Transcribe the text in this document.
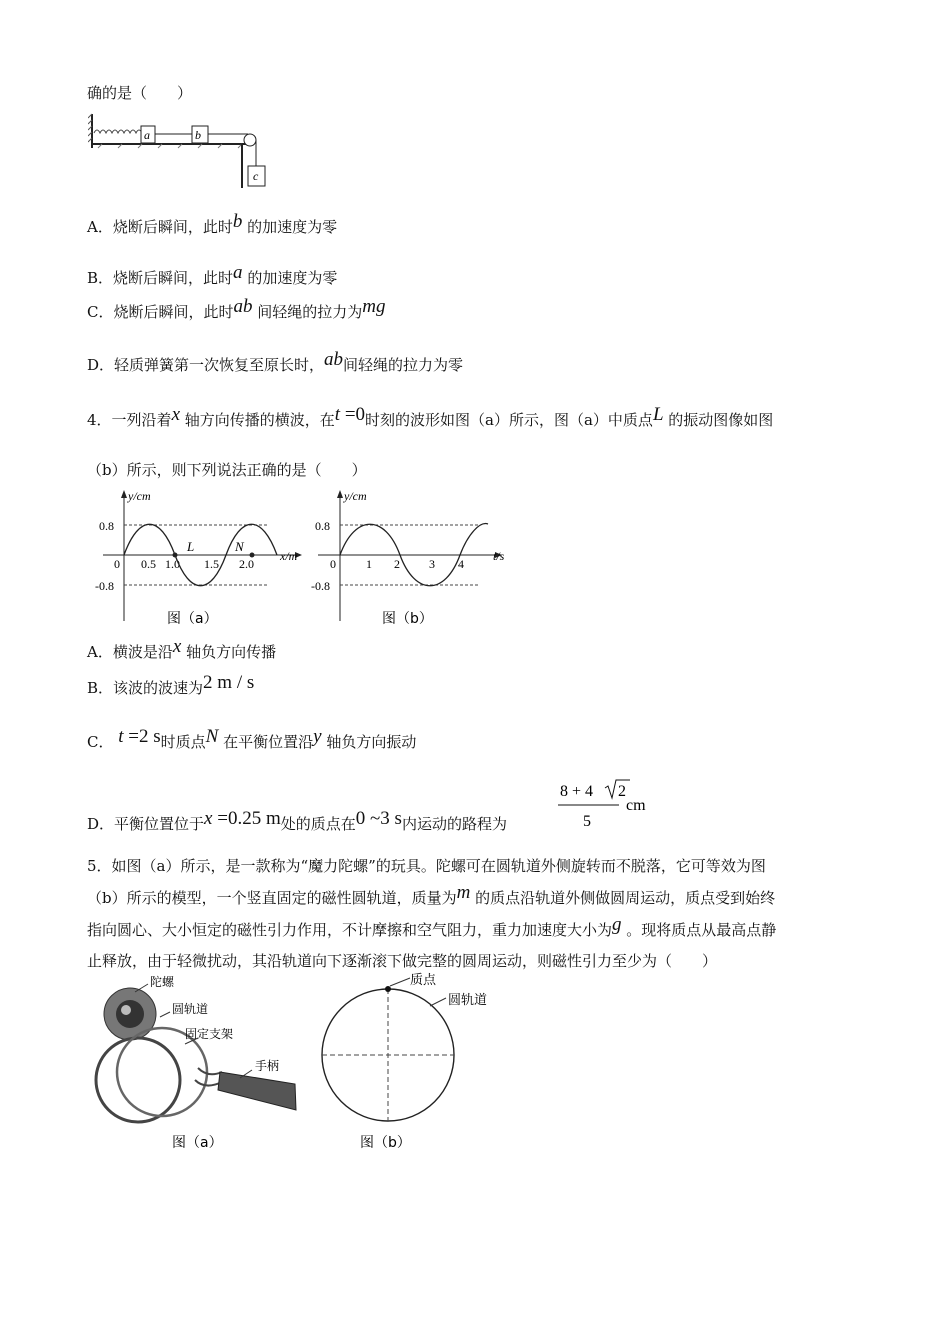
确的是（　　）
a	b
c
A．烧断后瞬间，此时b 的加速度为零
B．烧断后瞬间，此时a 的加速度为零
C．烧断后瞬间，此时ab 间轻绳的拉力为mg
D．轻质弹簧第一次恢复至原长时，ab间轻绳的拉力为零
4．一列沿着x 轴方向传播的横波，在t =0时刻的波形如图（a）所示，图（a）中质点L 的振动图像如图
（b）所示，则下列说法正确的是（　　）
y/cm
x/m
0.8
-0.8
0 0.5 1.0 1.5 2.0
L	N
图（a）
y/cm
t/s
0.8
-0.8
0	1 2 3 4
图（b）
A．横波是沿x 轴负方向传播
B．该波的波速为2 m / s
C． t =2 s时质点N 在平衡位置沿y 轴负方向振动
D．平衡位置位于x =0.25 m处的质点在0 ~3 s内运动的路程为
8 + 4 2
5
cm
5．如图（a）所示，是一款称为“魔力陀螺”的玩具。陀螺可在圆轨道外侧旋转而不脱落，它可等效为图
（b）所示的模型，一个竖直固定的磁性圆轨道，质量为m 的质点沿轨道外侧做圆周运动，质点受到始终
指向圆心、大小恒定的磁性引力作用，不计摩擦和空气阻力，重力加速度大小为g 。现将质点从最高点静
止释放，由于轻微扰动，其沿轨道向下逐渐滚下做完整的圆周运动，则磁性引力至少为（　　）
陀螺
圆轨道
固定支架
手柄
图（a）
质点
圆轨道
图（b）
